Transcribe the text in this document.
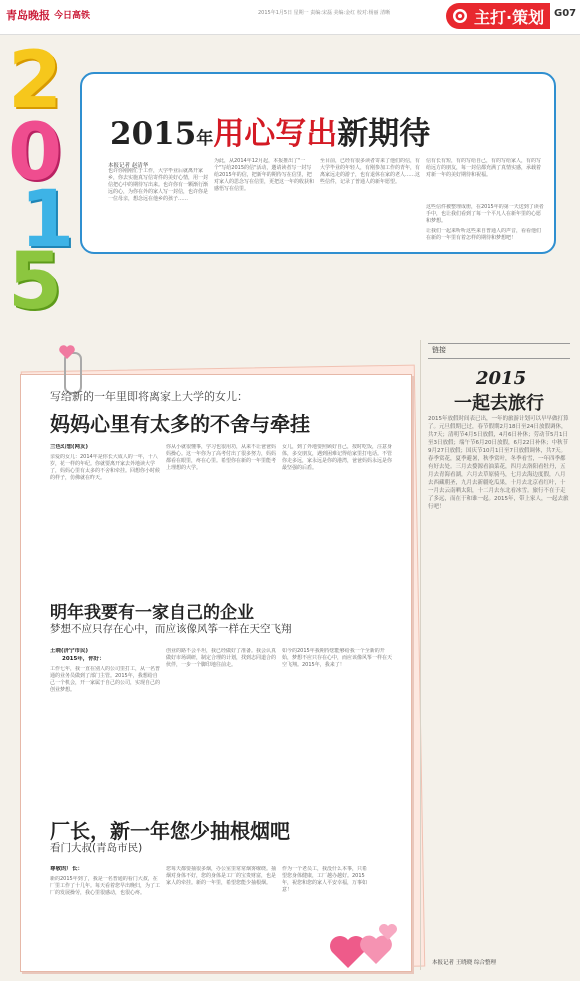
青岛晚报 今日高铁	2015年1月5日 星期一 责编:宋磊 美编:金红 校对:杨丽 清晰	主打·策划 G07
2
0
1
5
2015年用心写出新期待
本报记者 赵清华
也许你刚刚忙于工作，大学毕业后就离开家乡，你去实施真写信寄件的美好心情，用一封信把心中的期待写出来。也许你有一颗渐行渐远的心，为你在外的家人写一封信，也许你是一位母亲，想念远在他乡的孩子……
为此，从2014年12月起，本报推出了"一个"写给2015的信"活动，邀请读者写一封写给2015年的信，把新年的期待写在信里，把对家人的思念写在信里，更把这一年的收获和感悟写在信里。
至目前，已经有很多读者寄来了他们的信，有大学毕业的年轻人，有刚参加工作的青年，有离家远走的游子，也有退休在家的老人……这些信件，记录了普通人的新年愿望。
信有长有短，有的写给自己，有的写给家人，有的写给远方的朋友，每一封信都充满了真情实感，承载着对新一年的美好期待和祝福。
这些信件被整理成册，在2015年的第一天送到了读者手中，也让我们看到了每一个平凡人在新年里的心愿和梦想。
让我们一起来听听这些来自普通人的声音，看看他们在新的一年里有着怎样的期待和梦想吧！
写给新的一年里即将离家上大学的女儿：
妈妈心里有太多的不舍与牵挂
兰色幻想(网友)
亲爱的女儿：2014年是你长大成人的一年，十八岁，花一样的年纪。你就要离开家去外地读大学了，妈妈心里有太多的不舍和牵挂。回想你小时候的样子，仿佛就在昨天。
你从小就很懂事，学习也很用功，从来不让爸爸妈妈操心。这一年你为了高考付出了很多努力，妈妈都看在眼里，疼在心里。希望你在新的一年里能考上理想的大学。
女儿，到了外地要照顾好自己，按时吃饭，注意身体，多交朋友，遇到困难记得给家里打电话。不管你走多远，家永远是你的港湾，爸爸妈妈永远是你最坚强的后盾。
明年我要有一家自己的企业
梦想不应只存在心中，而应该像风筝一样在天空飞翔
王晓(济宁市民)
2015年，你好：
工作七年，我一直在别人的公司里打工，从一名普通的业务员做到了部门主管。2015年，我想给自己一个机会，开一家属于自己的公司，实现自己的创业梦想。
创业的路不会平坦，我已经做好了准备。我会认真做好市场调研，制定合理的计划，找到志同道合的伙伴，一步一个脚印地往前走。
如今的2015年我期待您能够给我一个全新的开始，梦想不应只存在心中，而应该像风筝一样在天空飞翔。2015年，我来了！
厂长，新一年您少抽根烟吧
看门大叔(青岛市民)
尊敬的厂长：
新的2015年到了，我是一名普通的看门大叔，在厂里工作了十几年。每天看着您早出晚归，为了工厂的发展操劳，我心里很感动，也很心疼。
您每天都要抽很多烟，办公室里常常烟雾缭绕。抽烟对身体不好，您的身体是工厂的宝贵财富，也是家人的牵挂。新的一年里，希望您能少抽根烟。
作为一个老员工，我没什么本事，只希望您身体健康，工厂越办越好。2015年，祝您和您的家人平安幸福，万事如意！
链接
2015
一起去旅行
2015年放假时间表已出，一年的旅游计划可以早早做打算了。元旦假期已过，春节假期2月18日至24日放假调休，共7天；清明节4月5日放假，4月6日补休；劳动节5月1日至3日放假；端午节6月20日放假，6月22日补休；中秋节9月27日放假；国庆节10月1日至7日放假调休，共7天。春季赏花，夏季避暑，秋季赏叶，冬季看雪，一年四季都有好去处。三月去婺源看油菜花，四月去洛阳看牡丹，五月去青海看湖，六月去草原骑马，七月去海边度假，八月去西藏朝圣，九月去新疆吃瓜果，十月去北京看红叶，十一月去云南晒太阳，十二月去东北看冰雪。旅行不在于走了多远，而在于和谁一起。2015年，带上家人，一起去旅行吧！
本报记者 王晓晓 综合整理
